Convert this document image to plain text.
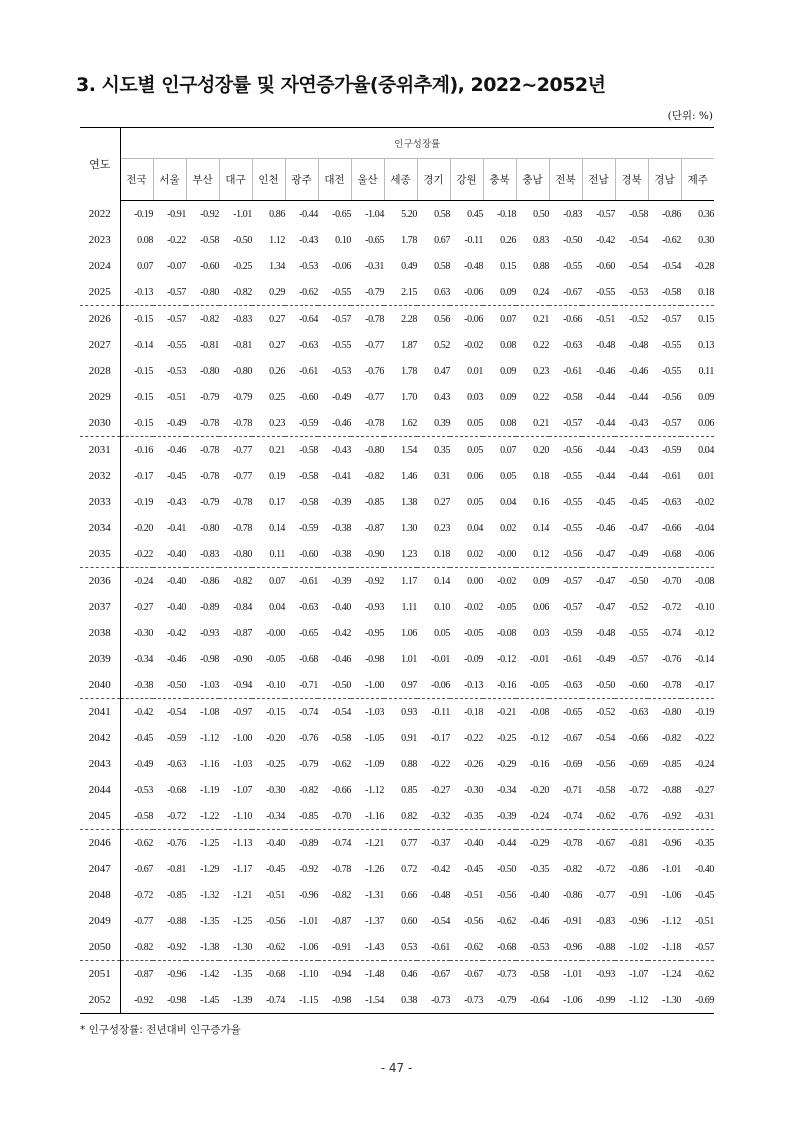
3. 시도별 인구성장률 및 자연증가율(중위추계), 2022~2052년
(단위: %)
연도	인구성장률																	
	전국	서울	부산	대구	인천	광주	대전	울산	세종	경기	강원	충북	충남	전북	전남	경북	경남	제주
2022	-0.19	-0.91	-0.92	-1.01	0.86	-0.44	-0.65	-1.04	5.20	0.58	0.45	-0.18	0.50	-0.83	-0.57	-0.58	-0.86	0.36
2023	0.08	-0.22	-0.58	-0.50	1.12	-0.43	0.10	-0.65	1.78	0.67	-0.11	0.26	0.83	-0.50	-0.42	-0.54	-0.62	0.30
2024	0.07	-0.07	-0.60	-0.25	1.34	-0.53	-0.06	-0.31	0.49	0.58	-0.48	0.15	0.88	-0.55	-0.60	-0.54	-0.54	-0.28
2025	-0.13	-0.57	-0.80	-0.82	0.29	-0.62	-0.55	-0.79	2.15	0.63	-0.06	0.09	0.24	-0.67	-0.55	-0.53	-0.58	0.18
2026	-0.15	-0.57	-0.82	-0.83	0.27	-0.64	-0.57	-0.78	2.28	0.56	-0.06	0.07	0.21	-0.66	-0.51	-0.52	-0.57	0.15
2027	-0.14	-0.55	-0.81	-0.81	0.27	-0.63	-0.55	-0.77	1.87	0.52	-0.02	0.08	0.22	-0.63	-0.48	-0.48	-0.55	0.13
2028	-0.15	-0.53	-0.80	-0.80	0.26	-0.61	-0.53	-0.76	1.78	0.47	0.01	0.09	0.23	-0.61	-0.46	-0.46	-0.55	0.11
2029	-0.15	-0.51	-0.79	-0.79	0.25	-0.60	-0.49	-0.77	1.70	0.43	0.03	0.09	0.22	-0.58	-0.44	-0.44	-0.56	0.09
2030	-0.15	-0.49	-0.78	-0.78	0.23	-0.59	-0.46	-0.78	1.62	0.39	0.05	0.08	0.21	-0.57	-0.44	-0.43	-0.57	0.06
2031	-0.16	-0.46	-0.78	-0.77	0.21	-0.58	-0.43	-0.80	1.54	0.35	0.05	0.07	0.20	-0.56	-0.44	-0.43	-0.59	0.04
2032	-0.17	-0.45	-0.78	-0.77	0.19	-0.58	-0.41	-0.82	1.46	0.31	0.06	0.05	0.18	-0.55	-0.44	-0.44	-0.61	0.01
2033	-0.19	-0.43	-0.79	-0.78	0.17	-0.58	-0.39	-0.85	1.38	0.27	0.05	0.04	0.16	-0.55	-0.45	-0.45	-0.63	-0.02
2034	-0.20	-0.41	-0.80	-0.78	0.14	-0.59	-0.38	-0.87	1.30	0.23	0.04	0.02	0.14	-0.55	-0.46	-0.47	-0.66	-0.04
2035	-0.22	-0.40	-0.83	-0.80	0.11	-0.60	-0.38	-0.90	1.23	0.18	0.02	-0.00	0.12	-0.56	-0.47	-0.49	-0.68	-0.06
2036	-0.24	-0.40	-0.86	-0.82	0.07	-0.61	-0.39	-0.92	1.17	0.14	0.00	-0.02	0.09	-0.57	-0.47	-0.50	-0.70	-0.08
2037	-0.27	-0.40	-0.89	-0.84	0.04	-0.63	-0.40	-0.93	1.11	0.10	-0.02	-0.05	0.06	-0.57	-0.47	-0.52	-0.72	-0.10
2038	-0.30	-0.42	-0.93	-0.87	-0.00	-0.65	-0.42	-0.95	1.06	0.05	-0.05	-0.08	0.03	-0.59	-0.48	-0.55	-0.74	-0.12
2039	-0.34	-0.46	-0.98	-0.90	-0.05	-0.68	-0.46	-0.98	1.01	-0.01	-0.09	-0.12	-0.01	-0.61	-0.49	-0.57	-0.76	-0.14
2040	-0.38	-0.50	-1.03	-0.94	-0.10	-0.71	-0.50	-1.00	0.97	-0.06	-0.13	-0.16	-0.05	-0.63	-0.50	-0.60	-0.78	-0.17
2041	-0.42	-0.54	-1.08	-0.97	-0.15	-0.74	-0.54	-1.03	0.93	-0.11	-0.18	-0.21	-0.08	-0.65	-0.52	-0.63	-0.80	-0.19
2042	-0.45	-0.59	-1.12	-1.00	-0.20	-0.76	-0.58	-1.05	0.91	-0.17	-0.22	-0.25	-0.12	-0.67	-0.54	-0.66	-0.82	-0.22
2043	-0.49	-0.63	-1.16	-1.03	-0.25	-0.79	-0.62	-1.09	0.88	-0.22	-0.26	-0.29	-0.16	-0.69	-0.56	-0.69	-0.85	-0.24
2044	-0.53	-0.68	-1.19	-1.07	-0.30	-0.82	-0.66	-1.12	0.85	-0.27	-0.30	-0.34	-0.20	-0.71	-0.58	-0.72	-0.88	-0.27
2045	-0.58	-0.72	-1.22	-1.10	-0.34	-0.85	-0.70	-1.16	0.82	-0.32	-0.35	-0.39	-0.24	-0.74	-0.62	-0.76	-0.92	-0.31
2046	-0.62	-0.76	-1.25	-1.13	-0.40	-0.89	-0.74	-1.21	0.77	-0.37	-0.40	-0.44	-0.29	-0.78	-0.67	-0.81	-0.96	-0.35
2047	-0.67	-0.81	-1.29	-1.17	-0.45	-0.92	-0.78	-1.26	0.72	-0.42	-0.45	-0.50	-0.35	-0.82	-0.72	-0.86	-1.01	-0.40
2048	-0.72	-0.85	-1.32	-1.21	-0.51	-0.96	-0.82	-1.31	0.66	-0.48	-0.51	-0.56	-0.40	-0.86	-0.77	-0.91	-1.06	-0.45
2049	-0.77	-0.88	-1.35	-1.25	-0.56	-1.01	-0.87	-1.37	0.60	-0.54	-0.56	-0.62	-0.46	-0.91	-0.83	-0.96	-1.12	-0.51
2050	-0.82	-0.92	-1.38	-1.30	-0.62	-1.06	-0.91	-1.43	0.53	-0.61	-0.62	-0.68	-0.53	-0.96	-0.88	-1.02	-1.18	-0.57
2051	-0.87	-0.96	-1.42	-1.35	-0.68	-1.10	-0.94	-1.48	0.46	-0.67	-0.67	-0.73	-0.58	-1.01	-0.93	-1.07	-1.24	-0.62
2052	-0.92	-0.98	-1.45	-1.39	-0.74	-1.15	-0.98	-1.54	0.38	-0.73	-0.73	-0.79	-0.64	-1.06	-0.99	-1.12	-1.30	-0.69
* 인구성장률: 전년대비 인구증가율
- 47 -
